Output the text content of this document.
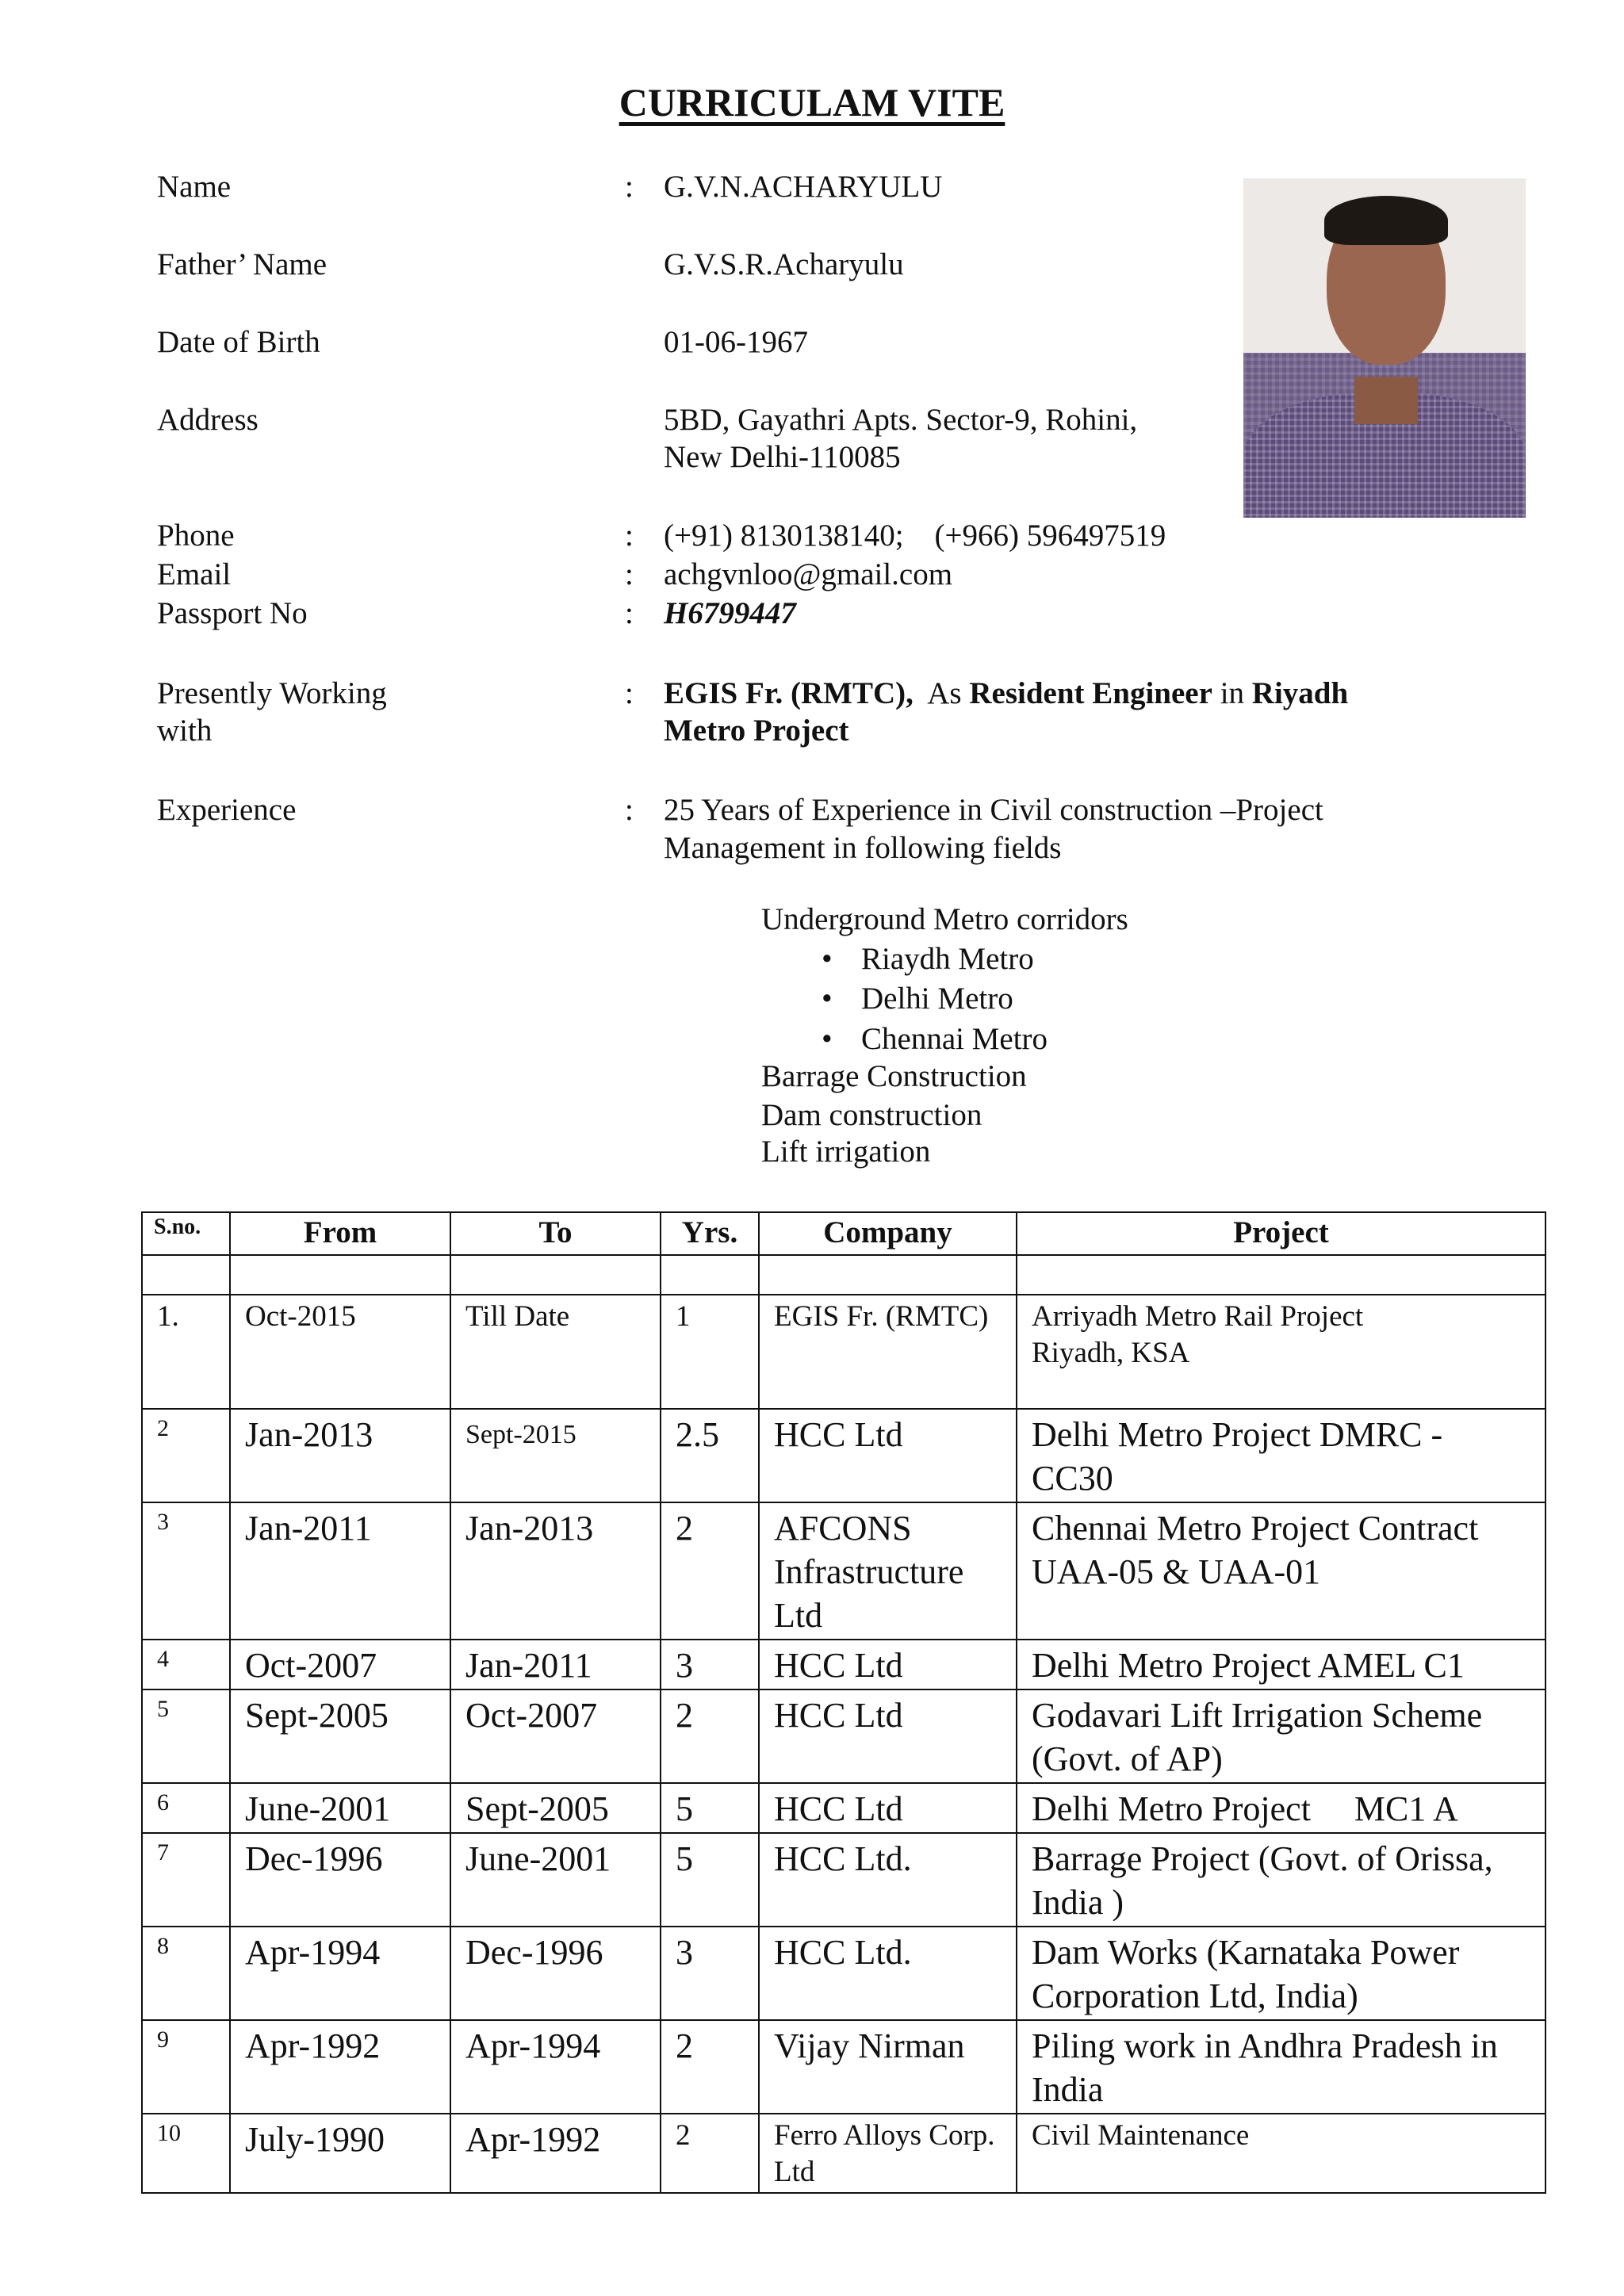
CURRICULAM VITE
Name	: G.V.N.ACHARYULU
Father’ Name	G.V.S.R.Acharyulu
Date of Birth	01-06-1967
Address	5BD, Gayathri Apts. Sector-9, Rohini,
New Delhi-110085
Phone	: (+91) 8130138140;    (+966) 596497519
Email	: achgvnloo@gmail.com
Passport No	: H6799447
Presently Working
with
: EGIS Fr. (RMTC), As Resident Engineer in Riyadh
Metro Project
Experience	: 25 Years of Experience in Civil construction –Project
Management in following fields
Underground Metro corridors
• Riaydh Metro
• Delhi Metro
• Chennai Metro
Barrage Construction
Dam construction
Lift irrigation
S.no.	From	To	Yrs.	Company	Project

1.	Oct-2015	Till Date	1	EGIS Fr. (RMTC)	Arriyadh Metro Rail Project Riyadh, KSA
2	Jan-2013	Sept-2015	2.5	HCC Ltd	Delhi Metro Project DMRC - CC30
3	Jan-2011	Jan-2013	2	AFCONS Infrastructure Ltd	Chennai Metro Project Contract UAA-05 & UAA-01
4	Oct-2007	Jan-2011	3	HCC Ltd	Delhi Metro Project AMEL C1
5	Sept-2005	Oct-2007	2	HCC Ltd	Godavari Lift Irrigation Scheme (Govt. of AP)
6	June-2001	Sept-2005	5	HCC Ltd	Delhi Metro Project     MC1 A
7	Dec-1996	June-2001	5	HCC Ltd.	Barrage Project (Govt. of Orissa, India )
8	Apr-1994	Dec-1996	3	HCC Ltd.	Dam Works (Karnataka Power Corporation Ltd, India)
9	Apr-1992	Apr-1994	2	Vijay Nirman	Piling work in Andhra Pradesh in India
10	July-1990	Apr-1992	2	Ferro Alloys Corp. Ltd	Civil Maintenance
